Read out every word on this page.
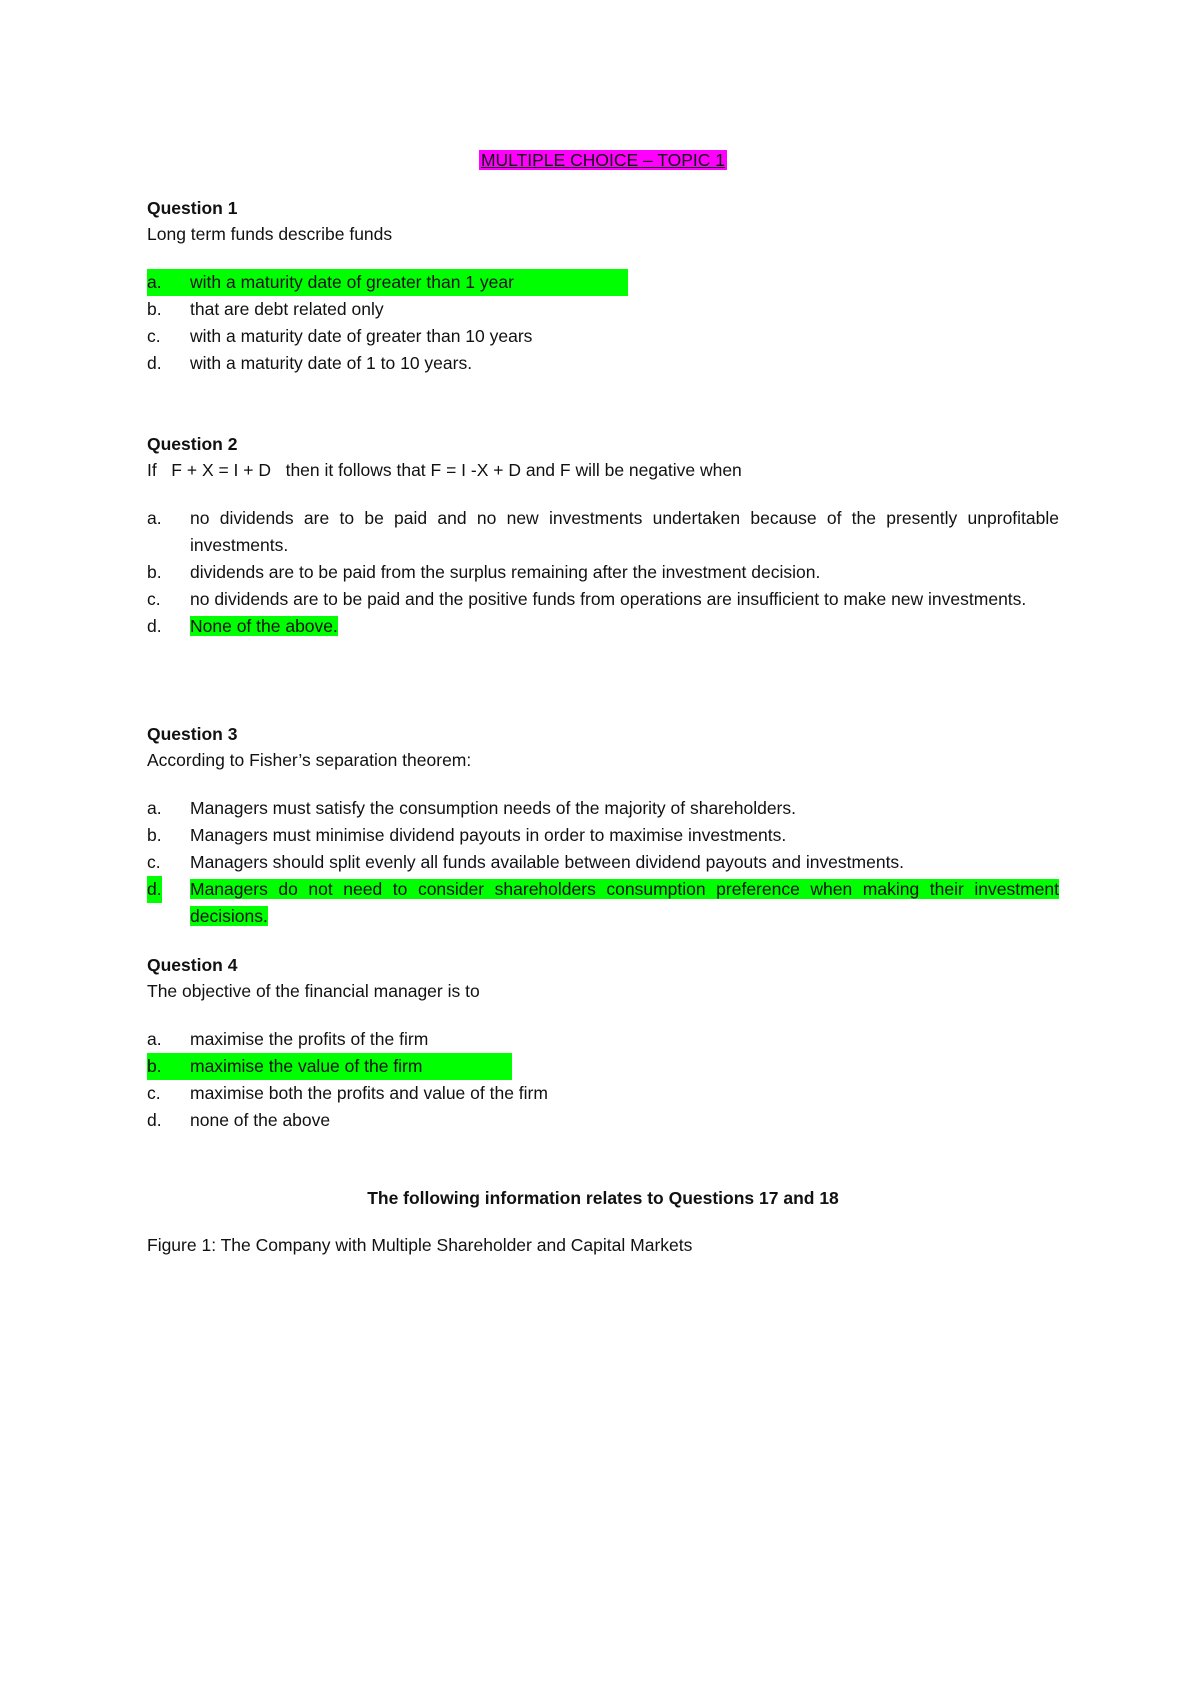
MULTIPLE CHOICE – TOPIC 1
Question 1
Long term funds describe funds
a. with a maturity date of greater than 1 year
b. that are debt related only
c. with a maturity date of greater than 10 years
d. with a maturity date of 1 to 10 years.
Question 2
If   F + X = I + D   then it follows that F = I -X + D and F will be negative when
a. no dividends are to be paid and no new investments undertaken because of the presently unprofitable investments.
b. dividends are to be paid from the surplus remaining after the investment decision.
c. no dividends are to be paid and the positive funds from operations are insufficient to make new investments.
d. None of the above.
Question 3
According to Fisher’s separation theorem:
a. Managers must satisfy the consumption needs of the majority of shareholders.
b. Managers must minimise dividend payouts in order to maximise investments.
c. Managers should split evenly all funds available between dividend payouts and investments.
d. Managers do not need to consider shareholders consumption preference when making their investment decisions.
Question 4
The objective of the financial manager is to
a. maximise the profits of the firm
b. maximise the value of the firm
c. maximise both the profits and value of the firm
d. none of the above
The following information relates to Questions 17 and 18
Figure 1: The Company with Multiple Shareholder and Capital Markets
